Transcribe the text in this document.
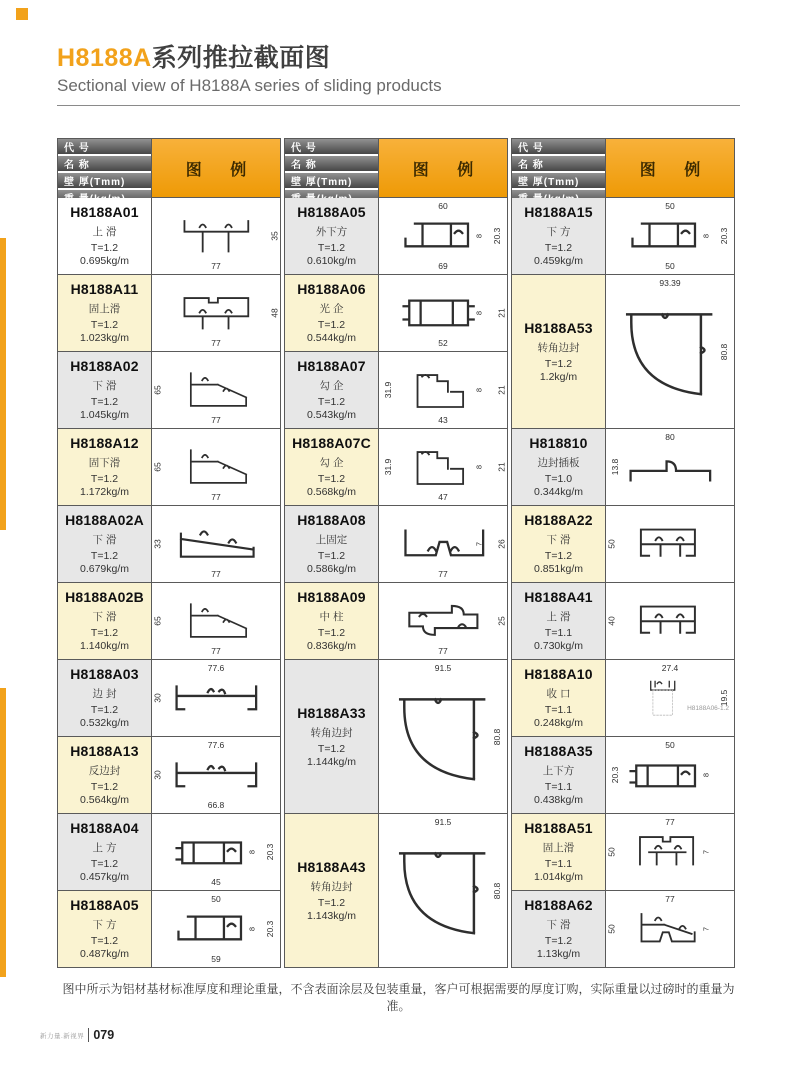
H8188A系列推拉截面图
Sectional view of H8188A series of sliding products
代 号
名 称
壁 厚(Tmm)
图 例
H8188A01
上 滑
T=1.2
0.695kg/m
35
77
H8188A11
固上滑
T=1.2
1.023kg/m
48
77
H8188A02
下 滑
T=1.2
1.045kg/m
65
77
H8188A12
固下滑
T=1.2
1.172kg/m
65
77
H8188A02A
下 滑
T=1.2
0.679kg/m
33
77
H8188A02B
下 滑
T=1.2
1.140kg/m
65
77
H8188A03
边 封
T=1.2
0.532kg/m
77.6
30
H8188A13
反边封
T=1.2
0.564kg/m
77.6
30
66.8
H8188A04
上 方
T=1.2
0.457kg/m	45
20.3
8
H8188A05
下 方
T=1.2
0.487kg/m
50
59
20.3
8
代 号
名 称
壁 厚(Tmm)
图 例
H8188A05
外下方
T=1.2
0.610kg/m
60
69
20.3
8
H8188A06
光 企
T=1.2
0.544kg/m	52
21
8
H8188A07
勾 企
T=1.2
0.543kg/m
31.9
43
21
8
H8188A07C
勾 企
T=1.2
0.568kg/m
31.9
47
21
8
H8188A08
上固定
T=1.2
0.586kg/m
26
77
7
H8188A09
中 柱
T=1.2
0.836kg/m
25
77
H8188A33
转角边封
T=1.2
1.144kg/m
91.5
80.8
H8188A43
转角边封
T=1.2
1.143kg/m
91.5
80.8
代 号
名 称
壁 厚(Tmm)
图 例
H8188A15
下 方
T=1.2
0.459kg/m
50
50
20.3
8
H8188A53
转角边封
T=1.2
1.2kg/m
93.39
80.8
H818810
边封插板
T=1.0
0.344kg/m
80
13.8
H8188A22
下 滑
T=1.2
0.851kg/m
50
H8188A41
上 滑
T=1.1
0.730kg/m
40
H8188A10
收 口
T=1.1
0.248kg/m
27.4
19.5
H8188A06-1.2
H8188A35
上下方
T=1.1
0.438kg/m
50
20.3	8
H8188A51
固上滑
T=1.1
1.014kg/m
77
50	7
H8188A62
下 滑
T=1.2
1.13kg/m
77
50	7

图中所示为铝材基材标准厚度和理论重量，不含表面涂层及包装重量，客户可根据需要的厚度订购，实际重量以过磅时的重量为准。

新力量.新视界 079
